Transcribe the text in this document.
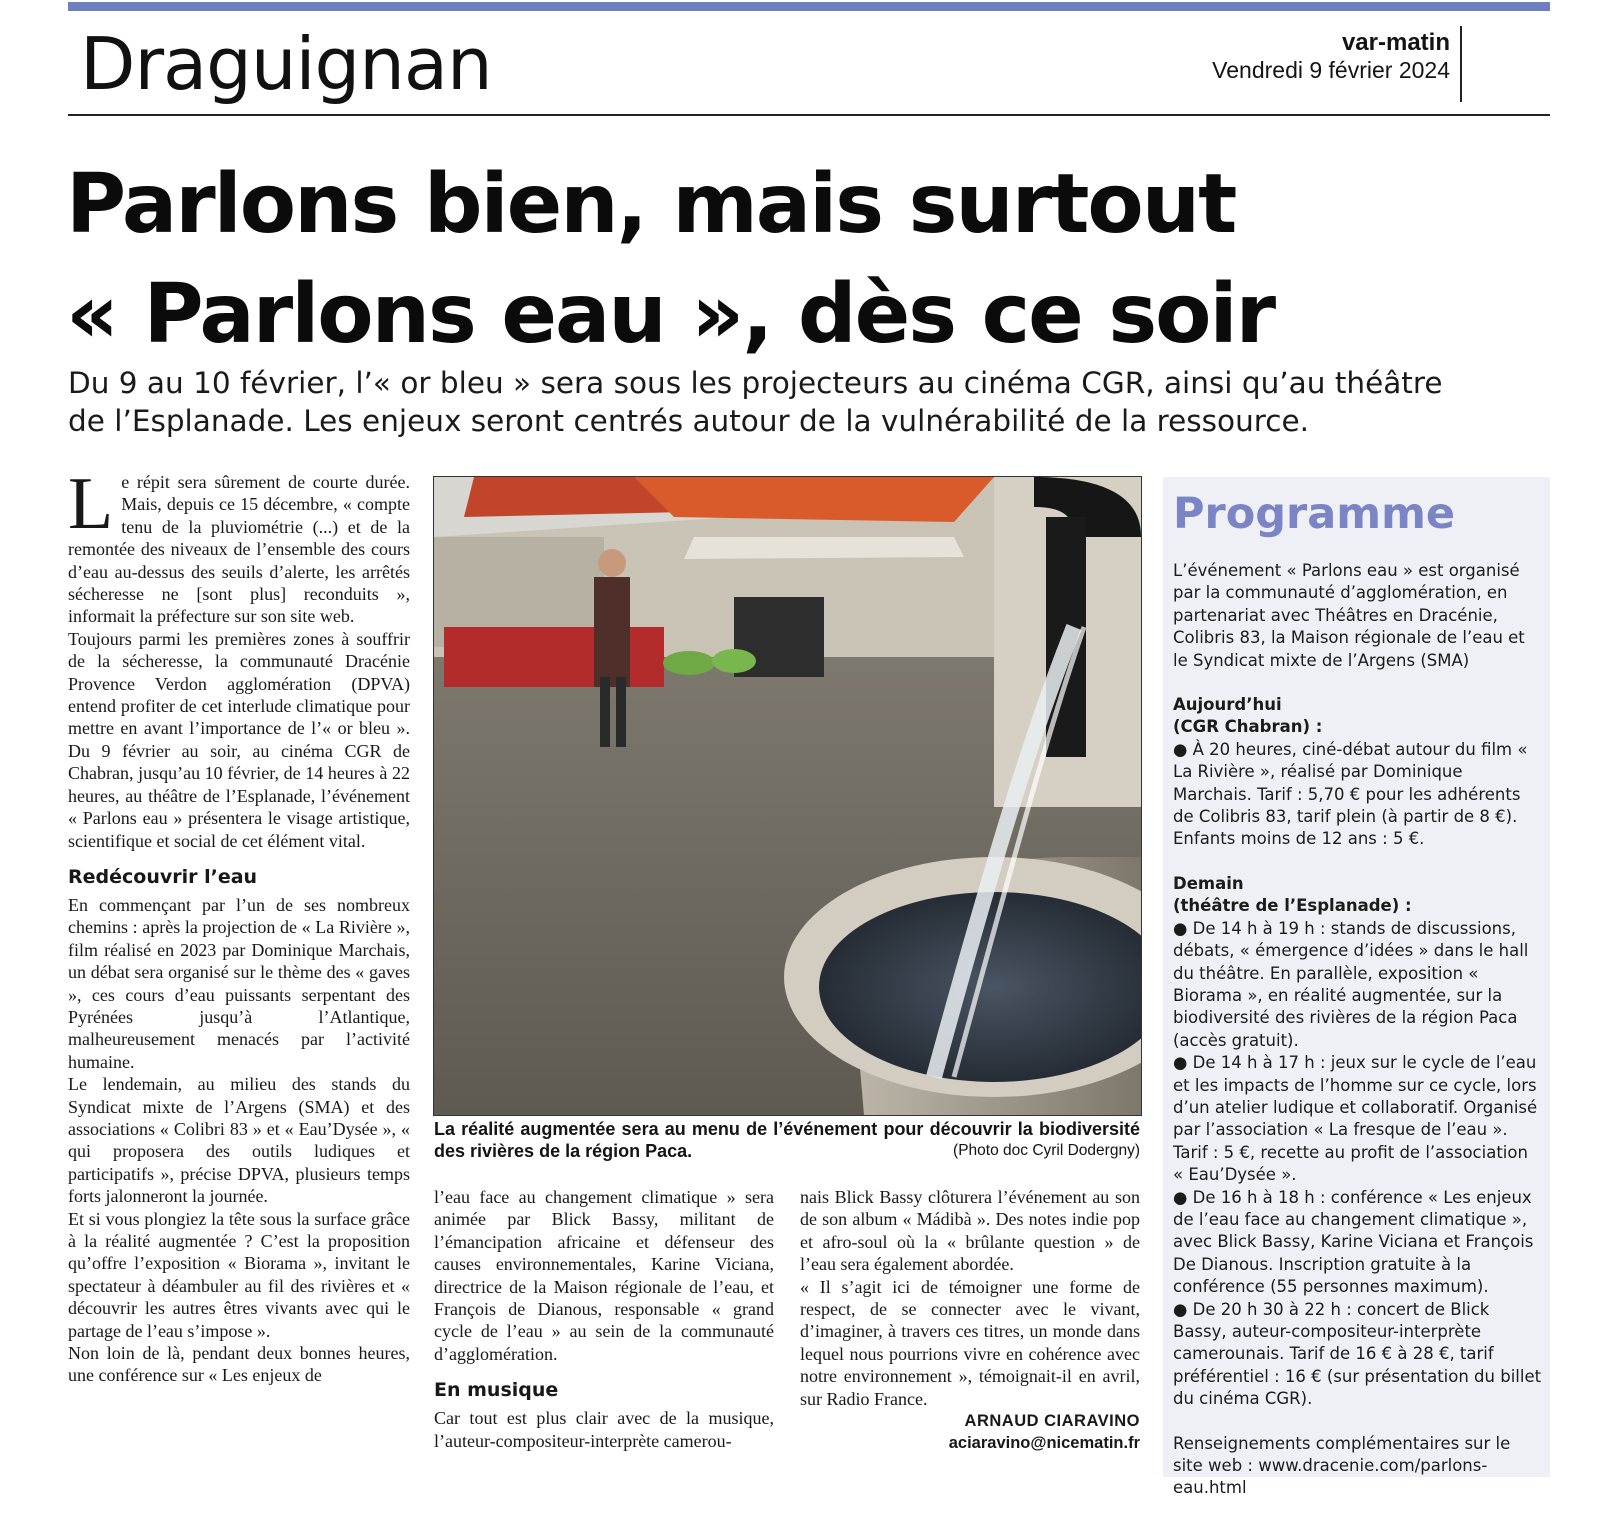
Draguignan	var-matin
Vendredi 9 février 2024
Parlons bien, mais surtout
« Parlons eau », dès ce soir

Du 9 au 10 février, l’« or bleu » sera sous les projecteurs au cinéma CGR, ainsi qu’au théâtre
de l’Esplanade. Les enjeux seront centrés autour de la vulnérabilité de la ressource.

L e répit sera sûrement de courte durée. Mais, depuis ce 15 décembre, « compte tenu de la pluviométrie (...) et de la remontée des niveaux de l’ensemble des cours d’eau au-dessus des seuils d’alerte, les arrêtés sécheresse ne [sont plus] reconduits », informait la préfecture sur son site web.

Toujours parmi les premières zones à souffrir de la sécheresse, la communauté Dracénie Provence Verdon agglomération (DPVA) entend profiter de cet interlude climatique pour mettre en avant l’importance de l’« or bleu ». Du 9 février au soir, au cinéma CGR de Chabran, jusqu’au 10 février, de 14 heures à 22 heures, au théâtre de l’Esplanade, l’événement « Parlons eau » présentera le visage artistique, scientifique et social de cet élément vital.

Redécouvrir l’eau

En commençant par l’un de ses nombreux chemins : après la projection de « La Rivière », film réalisé en 2023 par Dominique Marchais, un débat sera organisé sur le thème des « gaves », ces cours d’eau puissants serpentant des Pyrénées jusqu’à l’Atlantique, malheureusement menacés par l’activité humaine.

Le lendemain, au milieu des stands du Syndicat mixte de l’Argens (SMA) et des associations « Colibri 83 » et « Eau’Dysée », « qui proposera des outils ludiques et participatifs », précise DPVA, plusieurs temps forts jalonneront la journée.

Et si vous plongiez la tête sous la surface grâce à la réalité augmentée ? C’est la proposition qu’offre l’exposition « Biorama », invitant le spectateur à déambuler au fil des rivières et « découvrir les autres êtres vivants avec qui le partage de l’eau s’impose ».

Non loin de là, pendant deux bonnes heures, une conférence sur « Les enjeux de

La réalité augmentée sera au menu de l’événement pour découvrir la biodiversité des rivières de la région Paca.	(Photo doc Cyril Dodergny)

l’eau face au changement climatique » sera animée par Blick Bassy, militant de l’émancipation africaine et défenseur des causes environnementales, Karine Viciana, directrice de la Maison régionale de l’eau, et François de Dianous, responsable « grand cycle de l’eau » au sein de la communauté d’agglomération.

En musique

Car tout est plus clair avec de la musique, l’auteur-compositeur-interprète camerou-

nais Blick Bassy clôturera l’événement au son de son album « Mádibà ». Des notes indie pop et afro-soul où la « brûlante question » de l’eau sera également abordée.

« Il s’agit ici de témoigner une forme de respect, de se connecter avec le vivant, d’imaginer, à travers ces titres, un monde dans lequel nous pourrions vivre en cohérence avec notre environnement », témoignait-il en avril, sur Radio France.

ARNAUD CIARAVINO
aciaravino@nicematin.fr
Programme

L’événement « Parlons eau » est organisé par la communauté d’agglomération, en partenariat avec Théâtres en Dracénie, Colibris 83, la Maison régionale de l’eau et le Syndicat mixte de l’Argens (SMA)

Aujourd’hui

(CGR Chabran) :

● À 20 heures, ciné-débat autour du film « La Rivière », réalisé par Dominique Marchais. Tarif : 5,70 € pour les adhérents de Colibris 83, tarif plein (à partir de 8 €). Enfants moins de 12 ans : 5 €.

Demain

(théâtre de l’Esplanade) :

● De 14 h à 19 h : stands de discussions, débats, « émergence d’idées » dans le hall du théâtre. En parallèle, exposition « Biorama », en réalité augmentée, sur la biodiversité des rivières de la région Paca (accès gratuit).

● De 14 h à 17 h : jeux sur le cycle de l’eau et les impacts de l’homme sur ce cycle, lors d’un atelier ludique et collaboratif. Organisé par l’association « La fresque de l’eau ». Tarif : 5 €, recette au profit de l’association « Eau’Dysée ».

● De 16 h à 18 h : conférence « Les enjeux de l’eau face au changement climatique », avec Blick Bassy, Karine Viciana et François De Dianous. Inscription gratuite à la conférence (55 personnes maximum).

● De 20 h 30 à 22 h : concert de Blick Bassy, auteur-compositeur-interprète camerounais. Tarif de 16 € à 28 €, tarif préférentiel : 16 € (sur présentation du billet du cinéma CGR).

Renseignements complémentaires sur le site web : www.dracenie.com/parlons-eau.html
